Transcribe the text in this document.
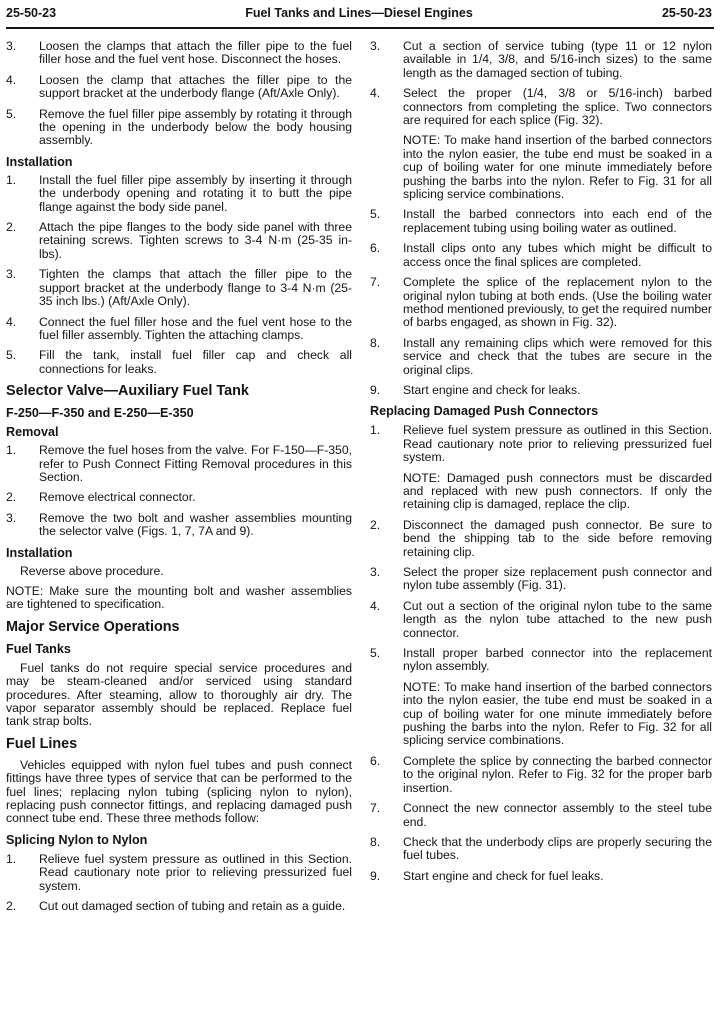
25-50-23	Fuel Tanks and Lines—Diesel Engines	25-50-23
3.	Loosen the clamps that attach the filler pipe to the fuel filler hose and the fuel vent hose. Disconnect the hoses.
4.	Loosen the clamp that attaches the filler pipe to the support bracket at the underbody flange (Aft/Axle Only).
5.	Remove the fuel filler pipe assembly by rotating it through the opening in the underbody below the body housing assembly.
Installation
1.	Install the fuel filler pipe assembly by inserting it through the underbody opening and rotating it to butt the pipe flange against the body side panel.
2.	Attach the pipe flanges to the body side panel with three retaining screws. Tighten screws to 3-4 N·m (25-35 in-lbs).
3.	Tighten the clamps that attach the filler pipe to the support bracket at the underbody flange to 3-4 N·m (25-35 inch lbs.) (Aft/Axle Only).
4.	Connect the fuel filler hose and the fuel vent hose to the fuel filler assembly. Tighten the attaching clamps.
5.	Fill the tank, install fuel filler cap and check all connections for leaks.
Selector Valve—Auxiliary Fuel Tank
F-250—F-350 and E-250—E-350
Removal
1.	Remove the fuel hoses from the valve. For F-150—F-350, refer to Push Connect Fitting Removal procedures in this Section.
2.	Remove electrical connector.
3.	Remove the two bolt and washer assemblies mounting the selector valve (Figs. 1, 7, 7A and 9).
Installation
Reverse above procedure.
NOTE: Make sure the mounting bolt and washer assemblies are tightened to specification.
Major Service Operations
Fuel Tanks
Fuel tanks do not require special service procedures and may be steam-cleaned and/or serviced using standard procedures. After steaming, allow to thoroughly air dry. The vapor separator assembly should be replaced. Replace fuel tank strap bolts.
Fuel Lines
Vehicles equipped with nylon fuel tubes and push connect fittings have three types of service that can be performed to the fuel lines; replacing nylon tubing (splicing nylon to nylon), replacing push connector fittings, and replacing damaged push connect tube end. These three methods follow:
Splicing Nylon to Nylon
1.	Relieve fuel system pressure as outlined in this Section. Read cautionary note prior to relieving pressurized fuel system.
2.	Cut out damaged section of tubing and retain as a guide.
3.	Cut a section of service tubing (type 11 or 12 nylon available in 1/4, 3/8, and 5/16-inch sizes) to the same length as the damaged section of tubing.
4.	Select the proper (1/4, 3/8 or 5/16-inch) barbed connectors from completing the splice. Two connectors are required for each splice (Fig. 32).
NOTE: To make hand insertion of the barbed connectors into the nylon easier, the tube end must be soaked in a cup of boiling water for one minute immediately before pushing the barbs into the nylon. Refer to Fig. 31 for all splicing service combinations.
5.	Install the barbed connectors into each end of the replacement tubing using boiling water as outlined.
6.	Install clips onto any tubes which might be difficult to access once the final splices are completed.
7.	Complete the splice of the replacement nylon to the original nylon tubing at both ends. (Use the boiling water method mentioned previously, to get the required number of barbs engaged, as shown in Fig. 32).
8.	Install any remaining clips which were removed for this service and check that the tubes are secure in the original clips.
9.	Start engine and check for leaks.
Replacing Damaged Push Connectors
1.	Relieve fuel system pressure as outlined in this Section. Read cautionary note prior to relieving pressurized fuel system.
NOTE: Damaged push connectors must be discarded and replaced with new push connectors. If only the retaining clip is damaged, replace the clip.
2.	Disconnect the damaged push connector. Be sure to bend the shipping tab to the side before removing retaining clip.
3.	Select the proper size replacement push connector and nylon tube assembly (Fig. 31).
4.	Cut out a section of the original nylon tube to the same length as the nylon tube attached to the new push connector.
5.	Install proper barbed connector into the replacement nylon assembly.
NOTE: To make hand insertion of the barbed connectors into the nylon easier, the tube end must be soaked in a cup of boiling water for one minute immediately before pushing the barbs into the nylon. Refer to Fig. 32 for all splicing service combinations.
6.	Complete the splice by connecting the barbed connector to the original nylon. Refer to Fig. 32 for the proper barb insertion.
7.	Connect the new connector assembly to the steel tube end.
8.	Check that the underbody clips are properly securing the fuel tubes.
9.	Start engine and check for fuel leaks.
